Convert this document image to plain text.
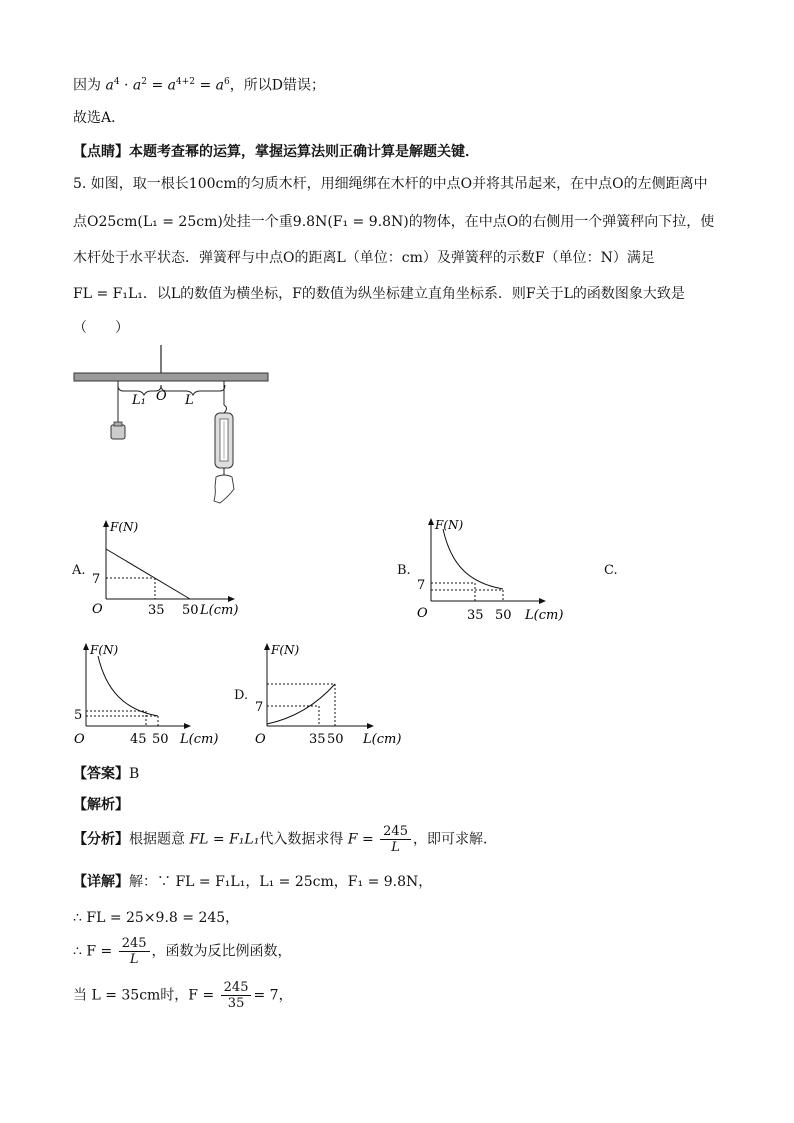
因为 $a^4 \cdot a^2 = a^{4+2} = a^6$，所以D错误；
故选A．
【点睛】本题考查幂的运算，掌握运算法则正确计算是解题关键．
5. 如图，取一根长100cm的匀质木杆，用细绳绑在木杆的中点O并将其吊起来，在中点O的左侧距离中
点O25cm(L₁ = 25cm)处挂一个重9.8N(F₁ = 9.8N)的物体，在中点O的右侧用一个弹簧秤向下拉，使
木杆处于水平状态．弹簧秤与中点O的距离L（单位：cm）及弹簧秤的示数F（单位：N）满足
FL = F₁L₁．以L的数值为横坐标，F的数值为纵坐标建立直角坐标系．则F关于L的函数图象大致是
（　　）
L₁ O L
A.	B.	C.
D.
F(N)
7
O	35 50 L(cm)
F(N)
7
O	35 50 L(cm)
F(N)
5
O	45 50 L(cm)
F(N)
7
O	35 50 L(cm)
【答案】B
【解析】
【分析】根据题意 FL = F₁L₁代入数据求得 $F = \frac{245}{L}$ ，即可求解．
【详解】解：∵ FL = F₁L₁，L₁ = 25cm，F₁ = 9.8N，
∴ FL = 25×9.8 = 245，
∴ $F = \frac{245}{L}$ ，函数为反比例函数，
当 L = 35cm时，$F = \frac{245}{35} = 7$，
